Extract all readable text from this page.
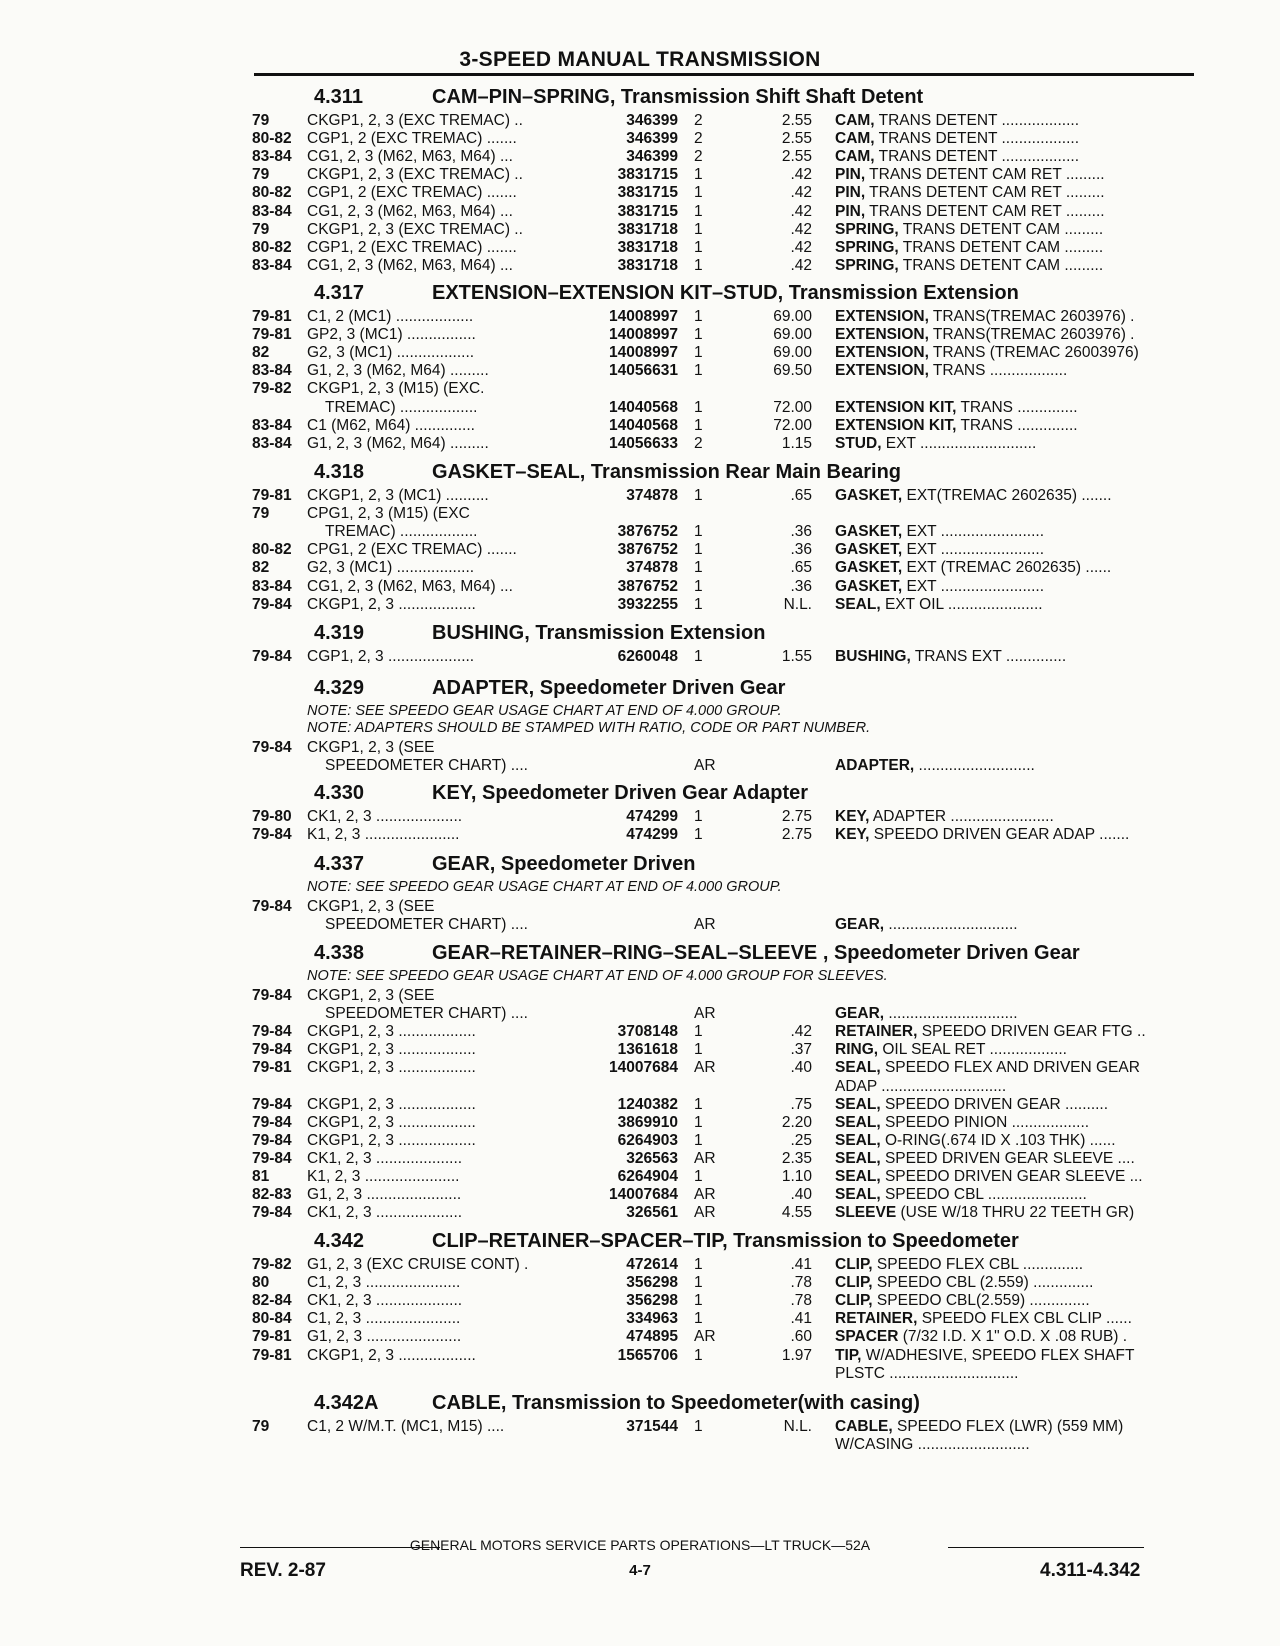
3-SPEED MANUAL TRANSMISSION
4.311	CAM–PIN–SPRING, Transmission Shift Shaft Detent
79 CKGP1, 2, 3 (EXC TREMAC) ..	346399 2	2.55 CAM, TRANS DETENT ..................
80-82 CGP1, 2 (EXC TREMAC) .......	346399 2	2.55 CAM, TRANS DETENT ..................
83-84 CG1, 2, 3 (M62, M63, M64) ...	346399 2	2.55 CAM, TRANS DETENT ..................
79 CKGP1, 2, 3 (EXC TREMAC) ..	3831715 1	.42 PIN, TRANS DETENT CAM RET .........
80-82 CGP1, 2 (EXC TREMAC) .......	3831715 1	.42 PIN, TRANS DETENT CAM RET .........
83-84 CG1, 2, 3 (M62, M63, M64) ...	3831715 1	.42 PIN, TRANS DETENT CAM RET .........
79 CKGP1, 2, 3 (EXC TREMAC) ..	3831718 1	.42 SPRING, TRANS DETENT CAM .........
80-82 CGP1, 2 (EXC TREMAC) .......	3831718 1	.42 SPRING, TRANS DETENT CAM .........
83-84 CG1, 2, 3 (M62, M63, M64) ...	3831718 1	.42 SPRING, TRANS DETENT CAM .........
4.317	EXTENSION–EXTENSION KIT–STUD, Transmission Extension
79-81 C1, 2 (MC1) ..................	14008997 1	69.00 EXTENSION, TRANS(TREMAC 2603976) .
79-81 GP2, 3 (MC1) ................	14008997 1	69.00 EXTENSION, TRANS(TREMAC 2603976) .
82 G2, 3 (MC1) ..................	14008997 1	69.00 EXTENSION, TRANS (TREMAC 26003976)
83-84 G1, 2, 3 (M62, M64) .........	14056631 1	69.50 EXTENSION, TRANS ..................
79-82 CKGP1, 2, 3 (M15) (EXC.
TREMAC) ..................	14040568 1	72.00 EXTENSION KIT, TRANS ..............
83-84 C1 (M62, M64) ..............	14040568 1	72.00 EXTENSION KIT, TRANS ..............
83-84 G1, 2, 3 (M62, M64) .........	14056633 2	1.15 STUD, EXT ...........................
4.318	GASKET–SEAL, Transmission Rear Main Bearing
79-81 CKGP1, 2, 3 (MC1) ..........	374878 1	.65 GASKET, EXT(TREMAC 2602635) .......
79 CPG1, 2, 3 (M15) (EXC
TREMAC) ..................	3876752 1	.36 GASKET, EXT ........................
80-82 CPG1, 2 (EXC TREMAC) .......	3876752 1	.36 GASKET, EXT ........................
82 G2, 3 (MC1) ..................	374878 1	.65 GASKET, EXT (TREMAC 2602635) ......
83-84 CG1, 2, 3 (M62, M63, M64) ...	3876752 1	.36 GASKET, EXT ........................
79-84 CKGP1, 2, 3 ..................	3932255 1	N.L. SEAL, EXT OIL ......................
4.319	BUSHING, Transmission Extension
79-84 CGP1, 2, 3 ....................	6260048 1	1.55 BUSHING, TRANS EXT ..............
4.329	ADAPTER, Speedometer Driven Gear
NOTE: SEE SPEEDO GEAR USAGE CHART AT END OF 4.000 GROUP.
NOTE: ADAPTERS SHOULD BE STAMPED WITH RATIO, CODE OR PART NUMBER.
79-84 CKGP1, 2, 3 (SEE
SPEEDOMETER CHART) ....	AR	ADAPTER, ...........................
4.330	KEY, Speedometer Driven Gear Adapter
79-80 CK1, 2, 3 ....................	474299 1	2.75 KEY, ADAPTER ........................
79-84 K1, 2, 3 ......................	474299 1	2.75 KEY, SPEEDO DRIVEN GEAR ADAP .......
4.337	GEAR, Speedometer Driven
NOTE: SEE SPEEDO GEAR USAGE CHART AT END OF 4.000 GROUP.
79-84 CKGP1, 2, 3 (SEE
SPEEDOMETER CHART) ....	AR	GEAR, ..............................
4.338	GEAR–RETAINER–RING–SEAL–SLEEVE , Speedometer Driven Gear
NOTE: SEE SPEEDO GEAR USAGE CHART AT END OF 4.000 GROUP FOR SLEEVES.
79-84 CKGP1, 2, 3 (SEE
SPEEDOMETER CHART) ....	AR	GEAR, ..............................
79-84 CKGP1, 2, 3 ..................	3708148 1	.42 RETAINER, SPEEDO DRIVEN GEAR FTG ..
79-84 CKGP1, 2, 3 ..................	1361618 1	.37 RING, OIL SEAL RET ..................
79-81 CKGP1, 2, 3 ..................	14007684 AR	.40 SEAL, SPEEDO FLEX AND DRIVEN GEAR
ADAP .............................
79-84 CKGP1, 2, 3 ..................	1240382 1	.75 SEAL, SPEEDO DRIVEN GEAR ..........
79-84 CKGP1, 2, 3 ..................	3869910 1	2.20 SEAL, SPEEDO PINION ..................
79-84 CKGP1, 2, 3 ..................	6264903 1	.25 SEAL, O-RING(.674 ID X .103 THK) ......
79-84 CK1, 2, 3 ....................	326563 AR	2.35 SEAL, SPEED DRIVEN GEAR SLEEVE ....
81 K1, 2, 3 ......................	6264904 1	1.10 SEAL, SPEEDO DRIVEN GEAR SLEEVE ...
82-83 G1, 2, 3 ......................	14007684 AR	.40 SEAL, SPEEDO CBL .......................
79-84 CK1, 2, 3 ....................	326561 AR	4.55 SLEEVE (USE W/18 THRU 22 TEETH GR)
4.342	CLIP–RETAINER–SPACER–TIP, Transmission to Speedometer
79-82 G1, 2, 3 (EXC CRUISE CONT) .	472614 1	.41 CLIP, SPEEDO FLEX CBL ..............
80 C1, 2, 3 ......................	356298 1	.78 CLIP, SPEEDO CBL (2.559) ..............
82-84 CK1, 2, 3 ....................	356298 1	.78 CLIP, SPEEDO CBL(2.559) ..............
80-84 C1, 2, 3 ......................	334963 1	.41 RETAINER, SPEEDO FLEX CBL CLIP ......
79-81 G1, 2, 3 ......................	474895 AR	.60 SPACER (7/32 I.D. X 1" O.D. X .08 RUB) .
79-81 CKGP1, 2, 3 ..................	1565706 1	1.97 TIP, W/ADHESIVE, SPEEDO FLEX SHAFT
PLSTC ..............................
4.342A	CABLE, Transmission to Speedometer(with casing)
79 C1, 2 W/M.T. (MC1, M15) ....	371544 1	N.L. CABLE, SPEEDO FLEX (LWR) (559 MM)
W/CASING ..........................
GENERAL MOTORS SERVICE PARTS OPERATIONS—LT TRUCK—52A
REV. 2-87	4-7	4.311-4.342
